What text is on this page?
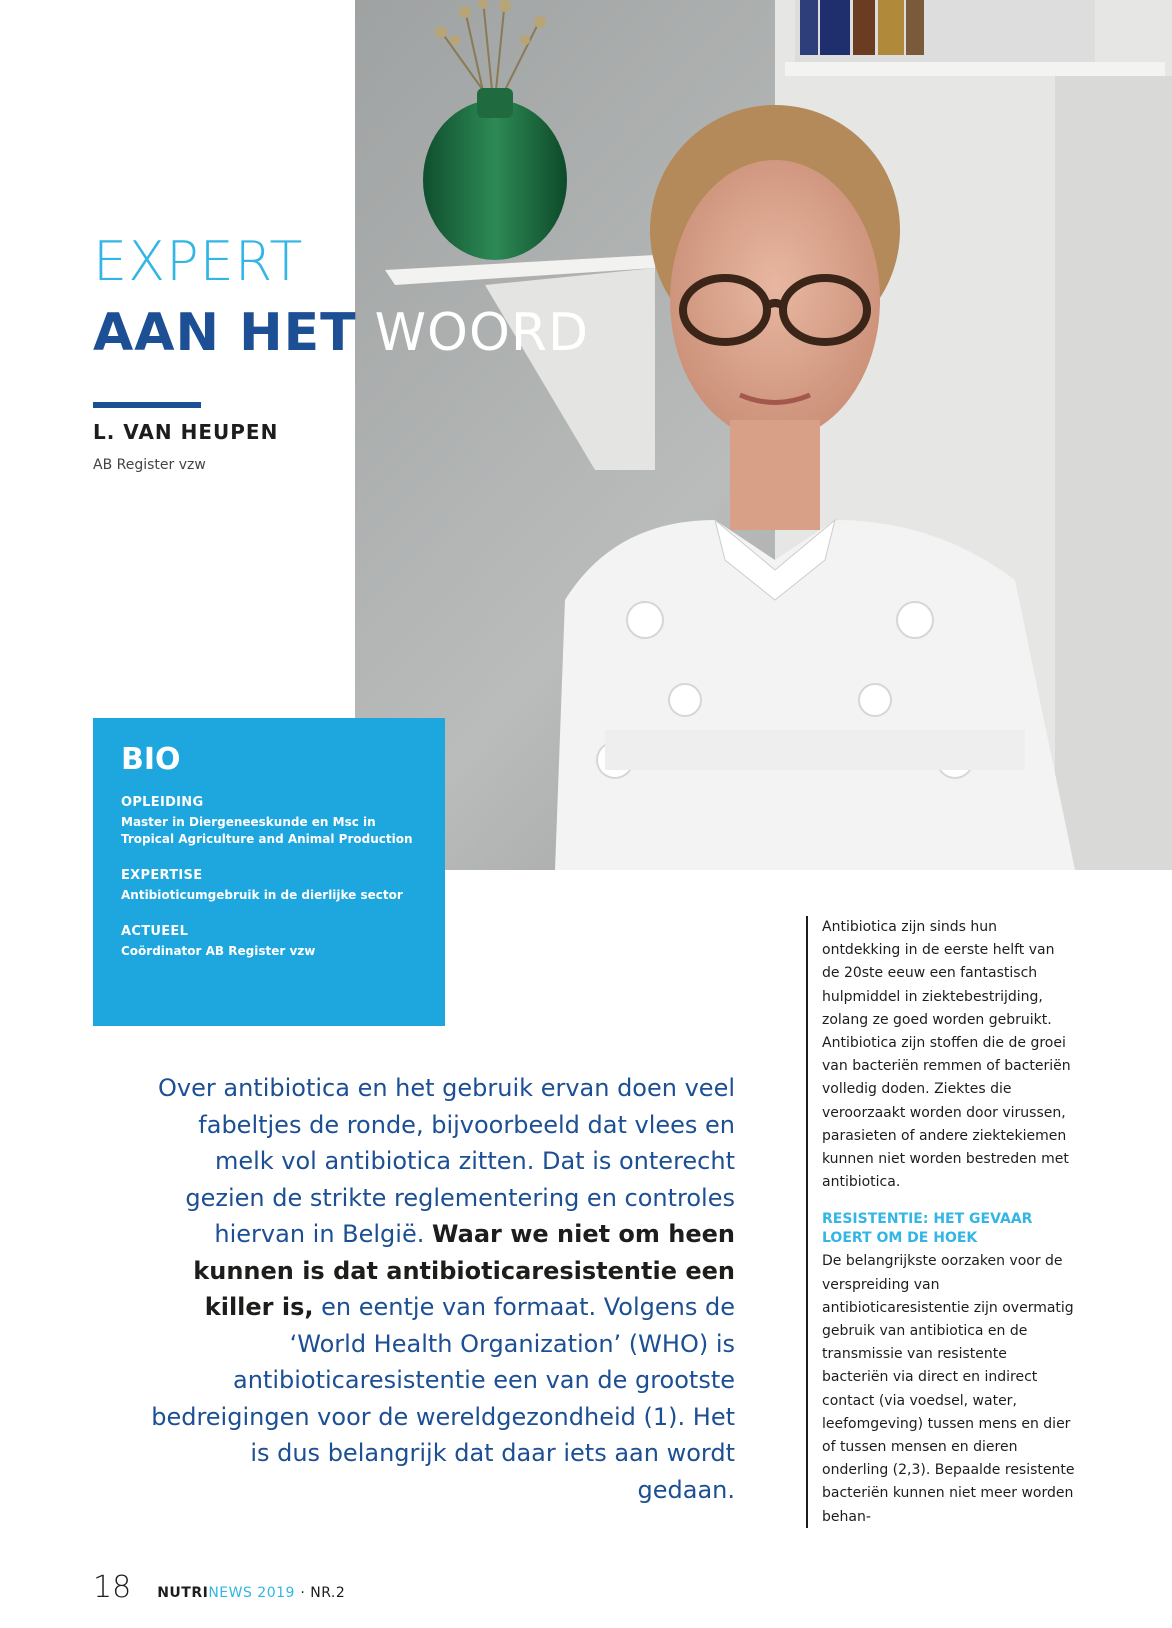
EXPERT
AAN HET WOORD
L. VAN HEUPEN
AB Register vzw
BIO
OPLEIDING
Master in Diergeneeskunde en Msc in Tropical Agriculture and Animal Production
EXPERTISE
Antibioticumgebruik in de dierlijke sector
ACTUEEL
Coördinator AB Register vzw

Over antibiotica en het gebruik ervan doen veel fabeltjes de ronde, bijvoorbeeld dat vlees en melk vol antibiotica zitten. Dat is onterecht gezien de strikte reglementering en controles hiervan in België. Waar we niet om heen kunnen is dat antibioticaresistentie een killer is, en eentje van formaat. Volgens de ‘World Health Organization’ (WHO) is antibioticaresistentie een van de grootste bedreigingen voor de wereldgezondheid (1). Het is dus belangrijk dat daar iets aan wordt gedaan.

Antibiotica zijn sinds hun ontdekking in de eerste helft van de 20ste eeuw een fantastisch hulpmiddel in ziektebestrijding, zolang ze goed worden gebruikt. Antibiotica zijn stoffen die de groei van bacteriën remmen of bacteriën volledig doden. Ziektes die veroorzaakt worden door virussen, parasieten of andere ziektekiemen kunnen niet worden bestreden met antibiotica.

RESISTENTIE: HET GEVAAR LOERT OM DE HOEK

De belangrijkste oorzaken voor de verspreiding van antibioticaresistentie zijn overmatig gebruik van antibiotica en de transmissie van resistente bacteriën via direct en indirect contact (via voedsel, water, leefomgeving) tussen mens en dier of tussen mensen en dieren onderling (2,3). Bepaalde resistente bacteriën kunnen niet meer worden behan-

18 NUTRINEWS 2019 · NR.2
